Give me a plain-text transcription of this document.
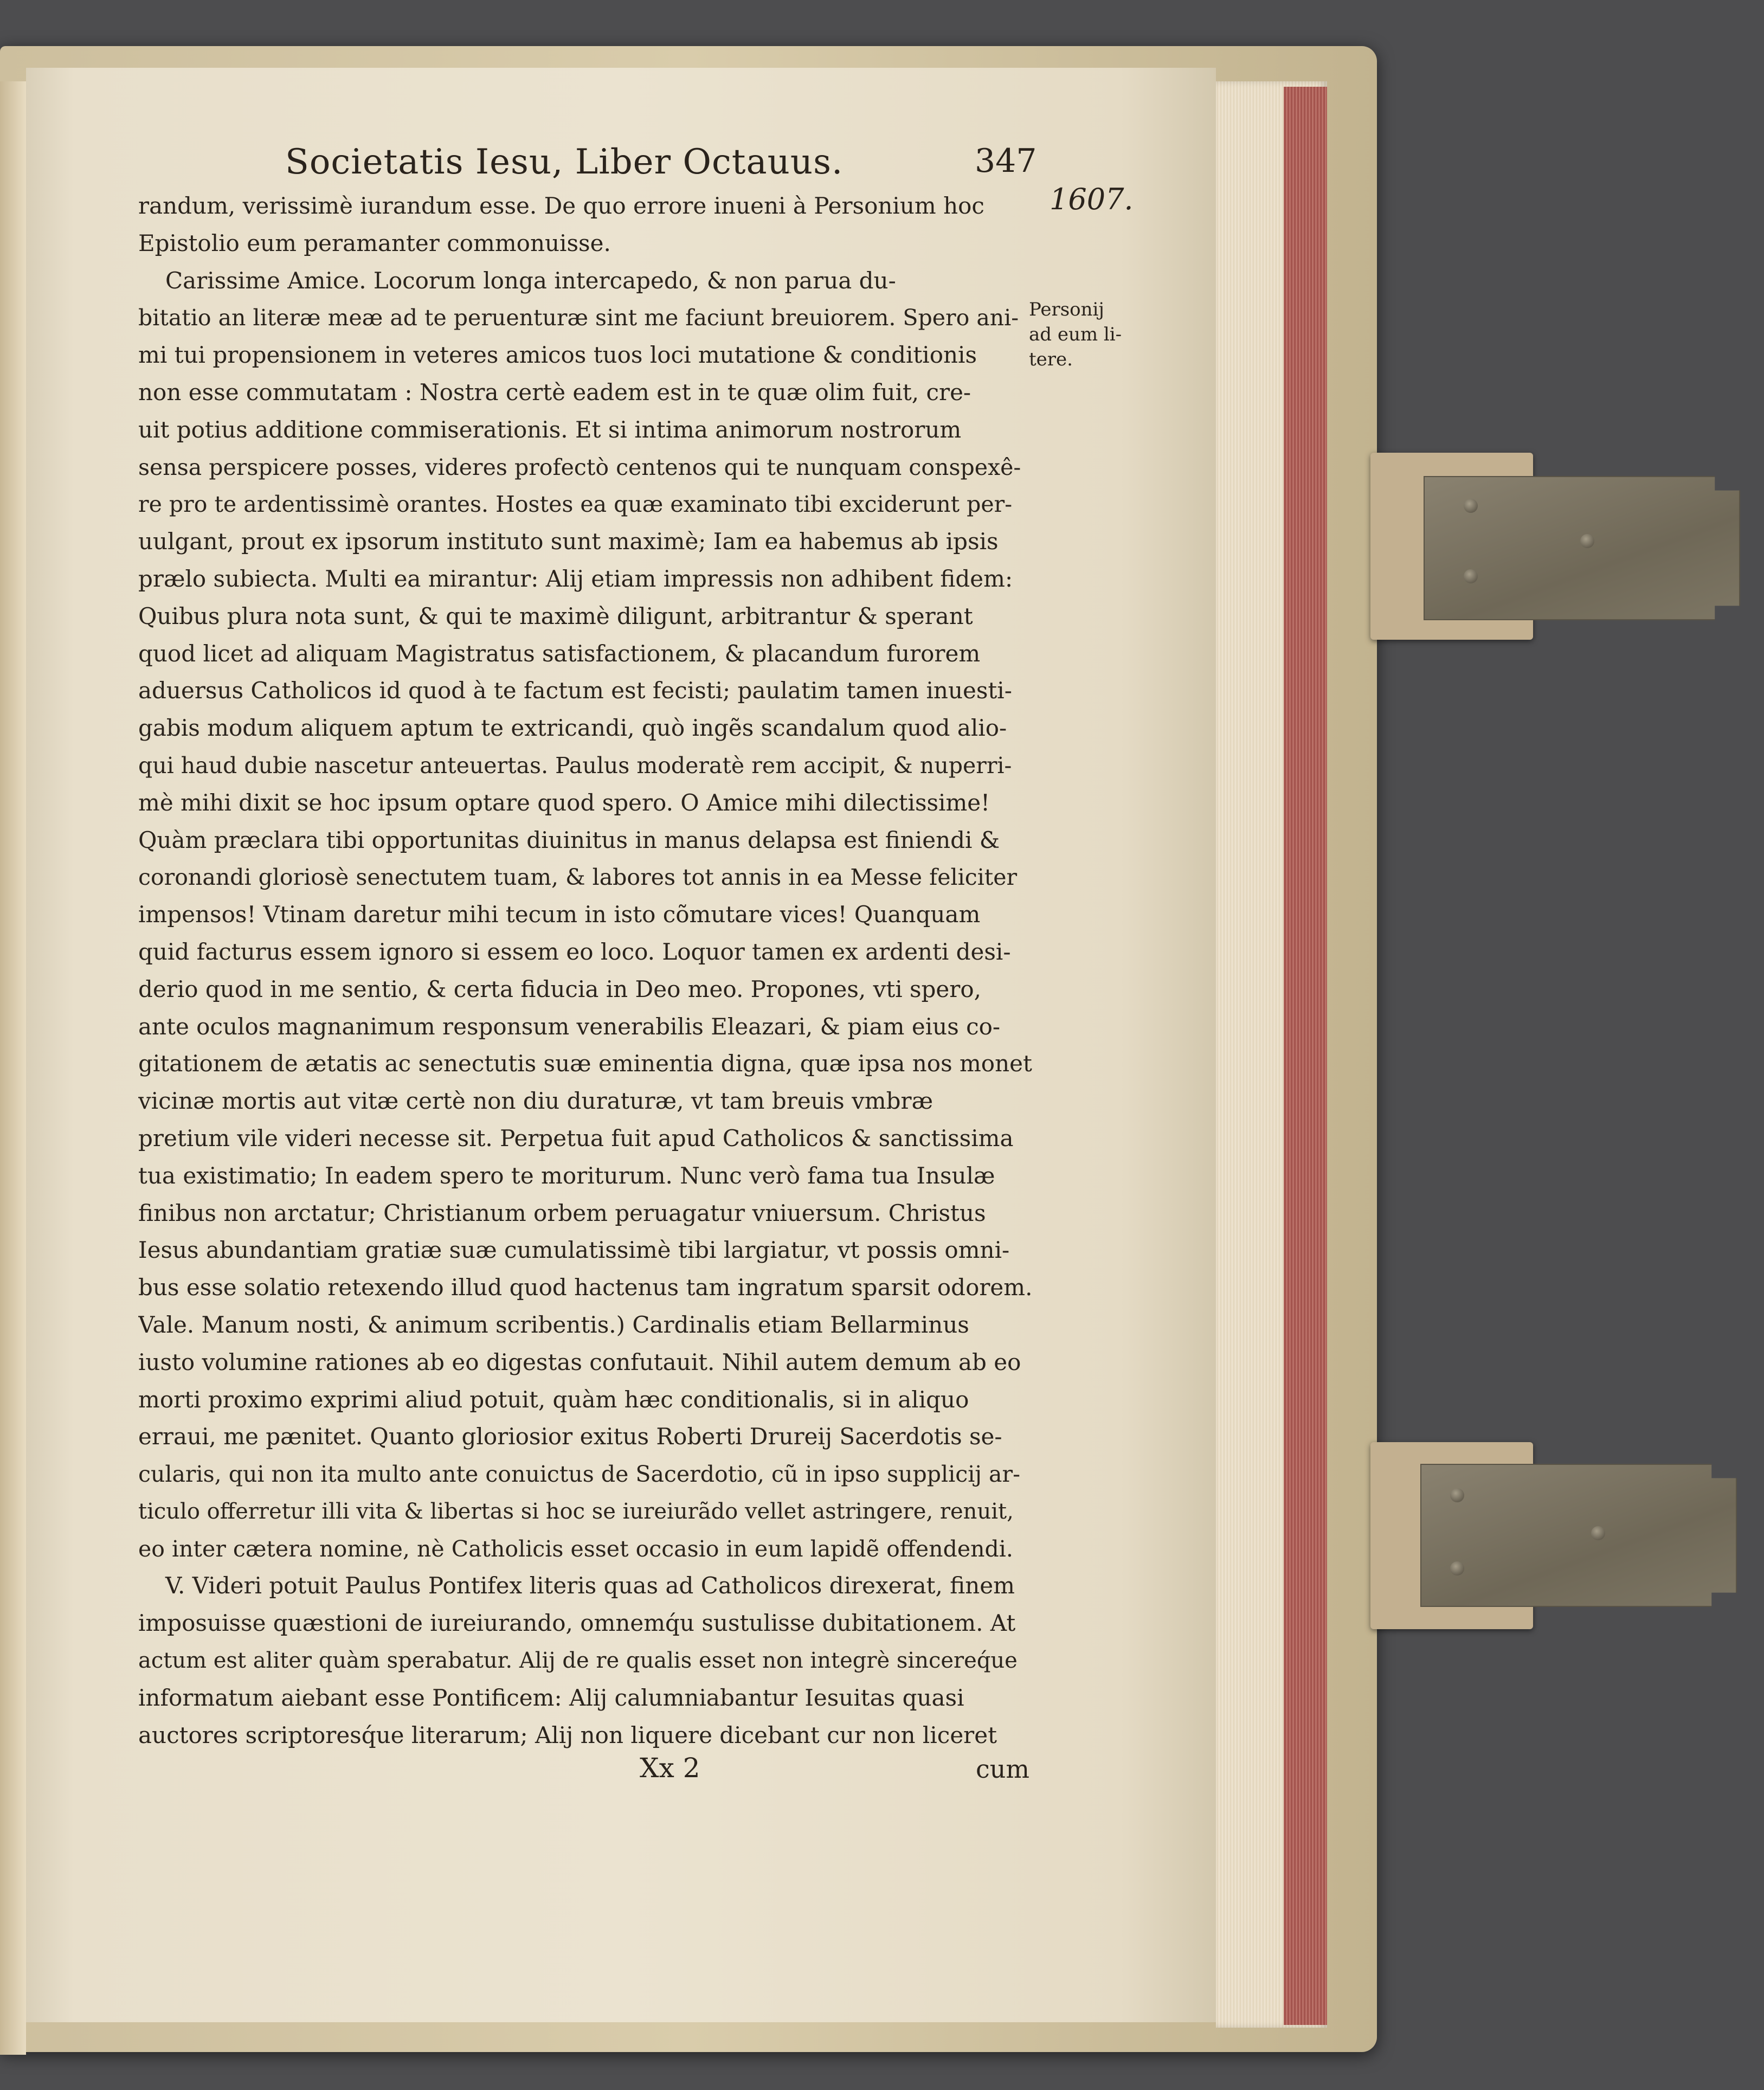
Societatis Iesu, Liber Octauus.	347

1607.

Personij
ad eum li-
tere.
randum, verissimè iurandum esse. De quo errore inueni à Personium hoc
Epistolio eum peramanter commonuisse.
Carissime Amice. Locorum longa intercapedo, & non parua du-
bitatio an literæ meæ ad te peruenturæ sint me faciunt breuiorem. Spero ani-
mi tui propensionem in veteres amicos tuos loci mutatione & conditionis
non esse commutatam : Nostra certè eadem est in te quæ olim fuit, cre-
uit potius additione commiserationis. Et si intima animorum nostrorum
sensa perspicere posses, videres profectò centenos qui te nunquam conspexê-
re pro te ardentissimè orantes. Hostes ea quæ examinato tibi exciderunt per-
uulgant, prout ex ipsorum instituto sunt maximè; Iam ea habemus ab ipsis
prælo subiecta. Multi ea mirantur: Alij etiam impressis non adhibent fidem:
Quibus plura nota sunt, & qui te maximè diligunt, arbitrantur & sperant
quod licet ad aliquam Magistratus satisfactionem, & placandum furorem
aduersus Catholicos id quod à te factum est fecisti; paulatim tamen inuesti-
gabis modum aliquem aptum te extricandi, quò ingẽs scandalum quod alio-
qui haud dubie nascetur anteuertas. Paulus moderatè rem accipit, & nuperri-
mè mihi dixit se hoc ipsum optare quod spero. O Amice mihi dilectissime!
Quàm præclara tibi opportunitas diuinitus in manus delapsa est finiendi &
coronandi gloriosè senectutem tuam, & labores tot annis in ea Messe feliciter
impensos! Vtinam daretur mihi tecum in isto cõmutare vices! Quanquam
quid facturus essem ignoro si essem eo loco. Loquor tamen ex ardenti desi-
derio quod in me sentio, & certa fiducia in Deo meo. Propones, vti spero,
ante oculos magnanimum responsum venerabilis Eleazari, & piam eius co-
gitationem de ætatis ac senectutis suæ eminentia digna, quæ ipsa nos monet
vicinæ mortis aut vitæ certè non diu duraturæ, vt tam breuis vmbræ
pretium vile videri necesse sit. Perpetua fuit apud Catholicos & sanctissima
tua existimatio; In eadem spero te moriturum. Nunc verò fama tua Insulæ
finibus non arctatur; Christianum orbem peruagatur vniuersum. Christus
Iesus abundantiam gratiæ suæ cumulatissimè tibi largiatur, vt possis omni-
bus esse solatio retexendo illud quod hactenus tam ingratum sparsit odorem.
Vale. Manum nosti, & animum scribentis.) Cardinalis etiam Bellarminus
iusto volumine rationes ab eo digestas confutauit. Nihil autem demum ab eo
morti proximo exprimi aliud potuit, quàm hæc conditionalis, si in aliquo
erraui, me pænitet. Quanto gloriosior exitus Roberti Drureij Sacerdotis se-
cularis, qui non ita multo ante conuictus de Sacerdotio, cũ in ipso supplicij ar-
ticulo offerretur illi vita & libertas si hoc se iureiurãdo vellet astringere, renuit,
eo inter cætera nomine, nè Catholicis esset occasio in eum lapidẽ offendendi.
V. Videri potuit Paulus Pontifex literis quas ad Catholicos direxerat, finem
imposuisse quæstioni de iureiurando, omnemq́u sustulisse dubitationem. At
actum est aliter quàm sperabatur. Alij de re qualis esset non integrè sincereq́ue
informatum aiebant esse Pontificem: Alij calumniabantur Iesuitas quasi
auctores scriptoresq́ue literarum; Alij non liquere dicebant cur non liceret

Xx 2	cum
